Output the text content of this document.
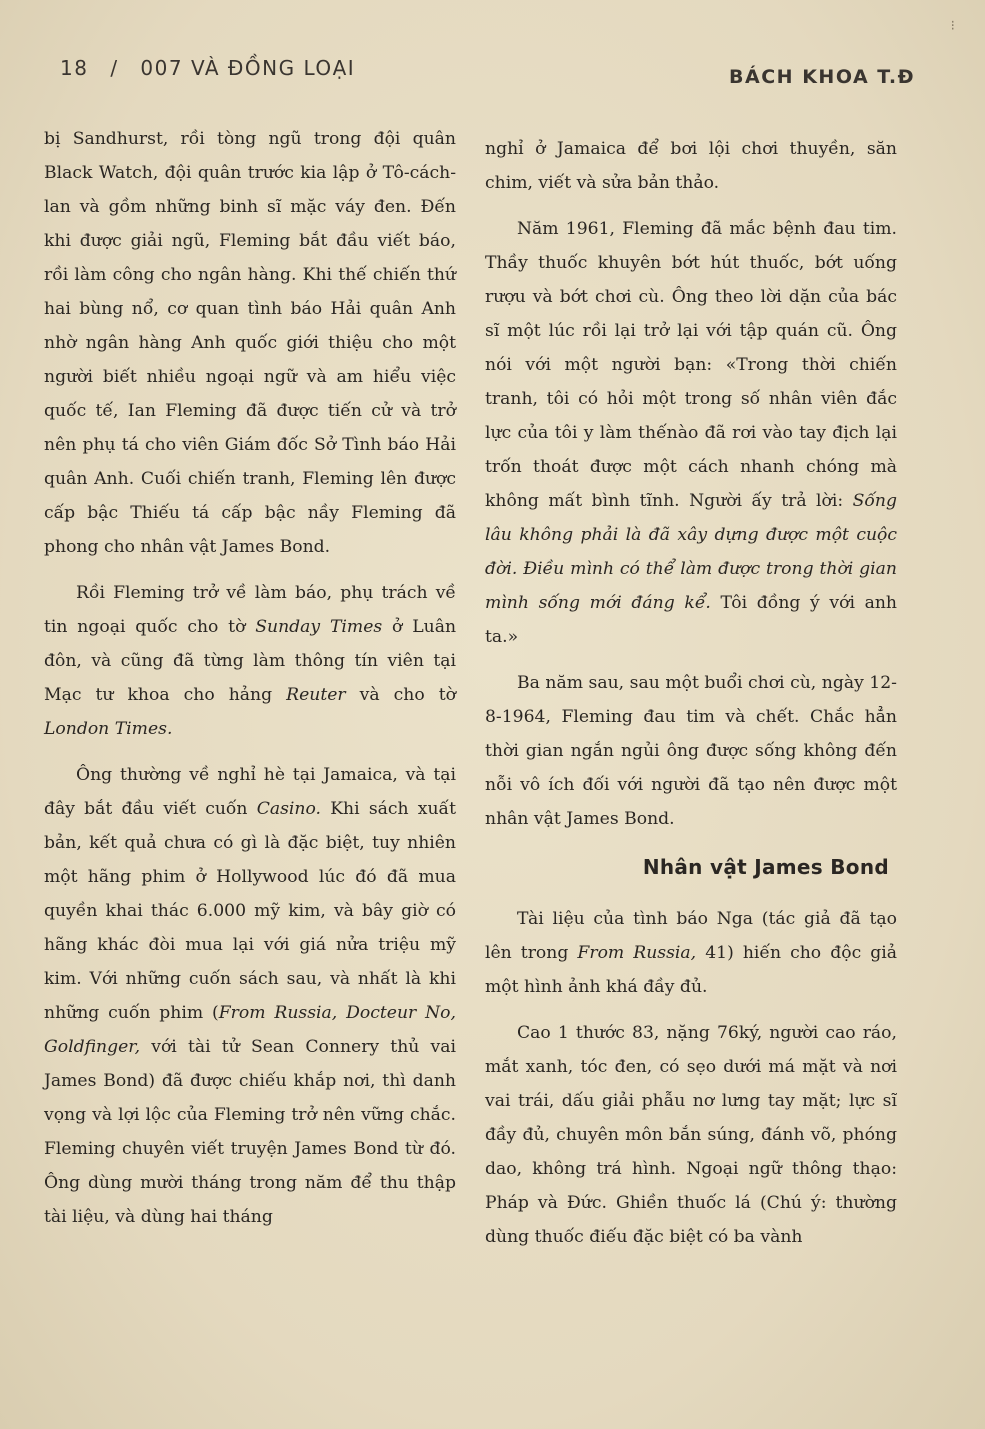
18 / 007 VÀ ĐỒNG LOẠI	BÁCH KHOA T.Đ
⁝

bị Sandhurst, rồi tòng ngũ trong đội quân Black Watch, đội quân trước kia lập ở Tô-cách-lan và gồm những binh sĩ mặc váy đen. Đến khi được giải ngũ, Fleming bắt đầu viết báo, rồi làm công cho ngân hàng. Khi thế chiến thứ hai bùng nổ, cơ quan tình báo Hải quân Anh nhờ ngân hàng Anh quốc giới thiệu cho một người biết nhiều ngoại ngữ và am hiểu việc quốc tế, Ian Fleming đã được tiến cử và trở nên phụ tá cho viên Giám đốc Sở Tình báo Hải quân Anh. Cuối chiến tranh, Fleming lên được cấp bậc Thiếu tá cấp bậc nầy Fleming đã phong cho nhân vật James Bond.

Rồi Fleming trở về làm báo, phụ trách về tin ngoại quốc cho tờ Sunday Times ở Luân đôn, và cũng đã từng làm thông tín viên tại Mạc tư khoa cho hảng Reuter và cho tờ London Times.

Ông thường về nghỉ hè tại Jamaica, và tại đây bắt đầu viết cuốn Casino. Khi sách xuất bản, kết quả chưa có gì là đặc biệt, tuy nhiên một hãng phim ở Hollywood lúc đó đã mua quyền khai thác 6.000 mỹ kim, và bây giờ có hãng khác đòi mua lại với giá nửa triệu mỹ kim. Với những cuốn sách sau, và nhất là khi những cuốn phim (From Russia, Docteur No, Goldfinger, với tài tử Sean Connery thủ vai James Bond) đã được chiếu khắp nơi, thì danh vọng và lợi lộc của Fleming trở nên vững chắc. Fleming chuyên viết truyện James Bond từ đó. Ông dùng mười tháng trong năm để thu thập tài liệu, và dùng hai tháng

nghỉ ở Jamaica để bơi lội chơi thuyền, săn chim, viết và sửa bản thảo.

Năm 1961, Fleming đã mắc bệnh đau tim. Thầy thuốc khuyên bớt hút thuốc, bớt uống rượu và bớt chơi cù. Ông theo lời dặn của bác sĩ một lúc rồi lại trở lại với tập quán cũ. Ông nói với một người bạn: «Trong thời chiến tranh, tôi có hỏi một trong số nhân viên đắc lực của tôi y làm thếnào đã rơi vào tay địch lại trốn thoát được một cách nhanh chóng mà không mất bình tĩnh. Người ấy trả lời: Sống lâu không phải là đã xây dựng được một cuộc đời. Điều mình có thể làm được trong thời gian mình sống mới đáng kể. Tôi đồng ý với anh ta.»

Ba năm sau, sau một buổi chơi cù, ngày 12-8-1964, Fleming đau tim và chết. Chắc hẳn thời gian ngắn ngủi ông được sống không đến nỗi vô ích đối với người đã tạo nên được một nhân vật James Bond.

Nhân vật James Bond

Tài liệu của tình báo Nga (tác giả đã tạo lên trong From Russia, 41) hiến cho độc giả một hình ảnh khá đầy đủ.

Cao 1 thước 83, nặng 76ký, người cao ráo, mắt xanh, tóc đen, có sẹo dưới má mặt và nơi vai trái, dấu giải phẫu nơ lưng tay mặt; lực sĩ đầy đủ, chuyên môn bắn súng, đánh võ, phóng dao, không trá hình. Ngoại ngữ thông thạo: Pháp và Đức. Ghiền thuốc lá (Chú ý: thường dùng thuốc điếu đặc biệt có ba vành
